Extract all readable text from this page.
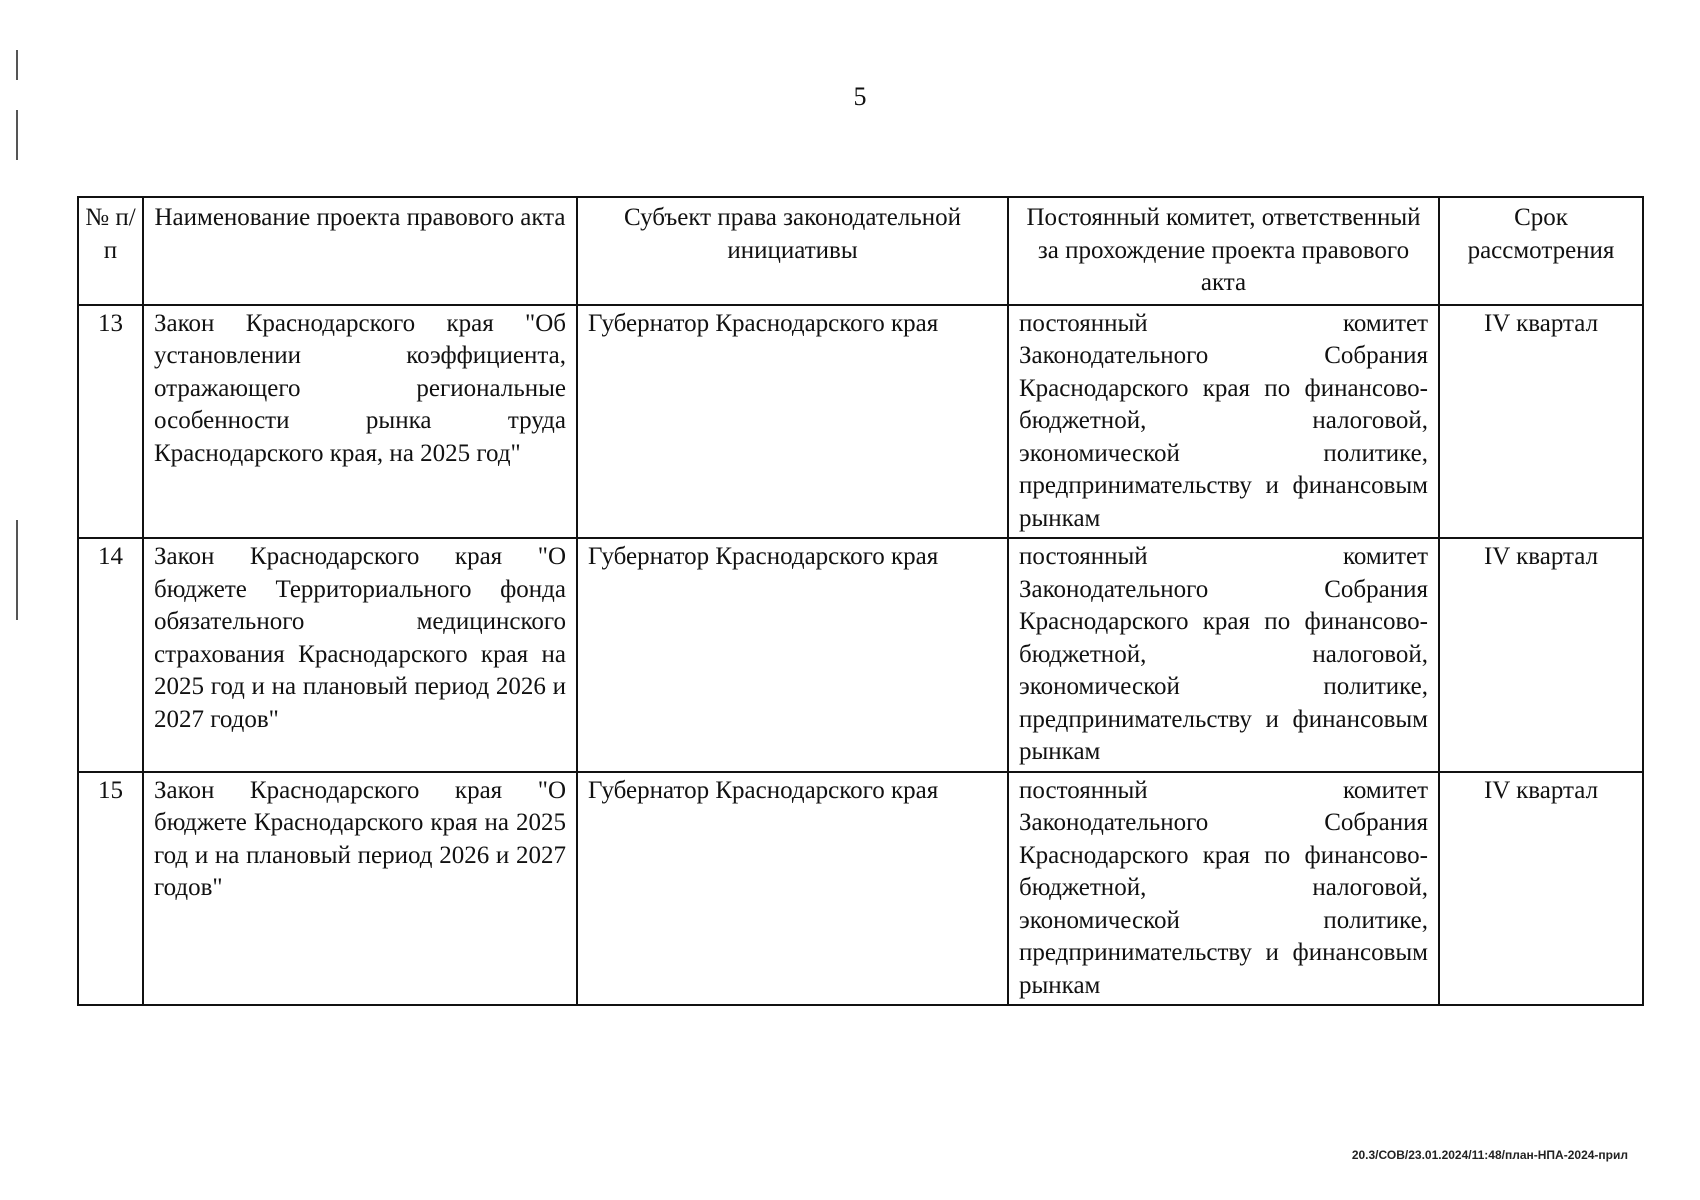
5
№ п/п	Наименование проекта правового акта	Субъект права законодательной инициативы	Постоянный комитет, ответственный за прохождение проекта правового акта	Срок рассмотрения
13	Закон Краснодарского края "Об установлении коэффициента, отражающего региональные особенности рынка труда Краснодарского края, на 2025 год"	Губернатор Краснодарского края	постоянный комитет Законодательного Собрания Краснодарского края по финансово-бюджетной, налоговой, экономической политике, предпринимательству и финансовым рынкам	IV квартал
14	Закон Краснодарского края "О бюджете Территориального фонда обязательного медицинского страхования Краснодарского края на 2025 год и на плановый период 2026 и 2027 годов"	Губернатор Краснодарского края	постоянный комитет Законодательного Собрания Краснодарского края по финансово-бюджетной, налоговой, экономической политике, предпринимательству и финансовым рынкам	IV квартал
15	Закон Краснодарского края "О бюджете Краснодарского края на 2025 год и на плановый период 2026 и 2027 годов"	Губернатор Краснодарского края	постоянный комитет Законодательного Собрания Краснодарского края по финансово-бюджетной, налоговой, экономической политике, предпринимательству и финансовым рынкам	IV квартал
20.3/СОВ/23.01.2024/11:48/план-НПА-2024-прил
